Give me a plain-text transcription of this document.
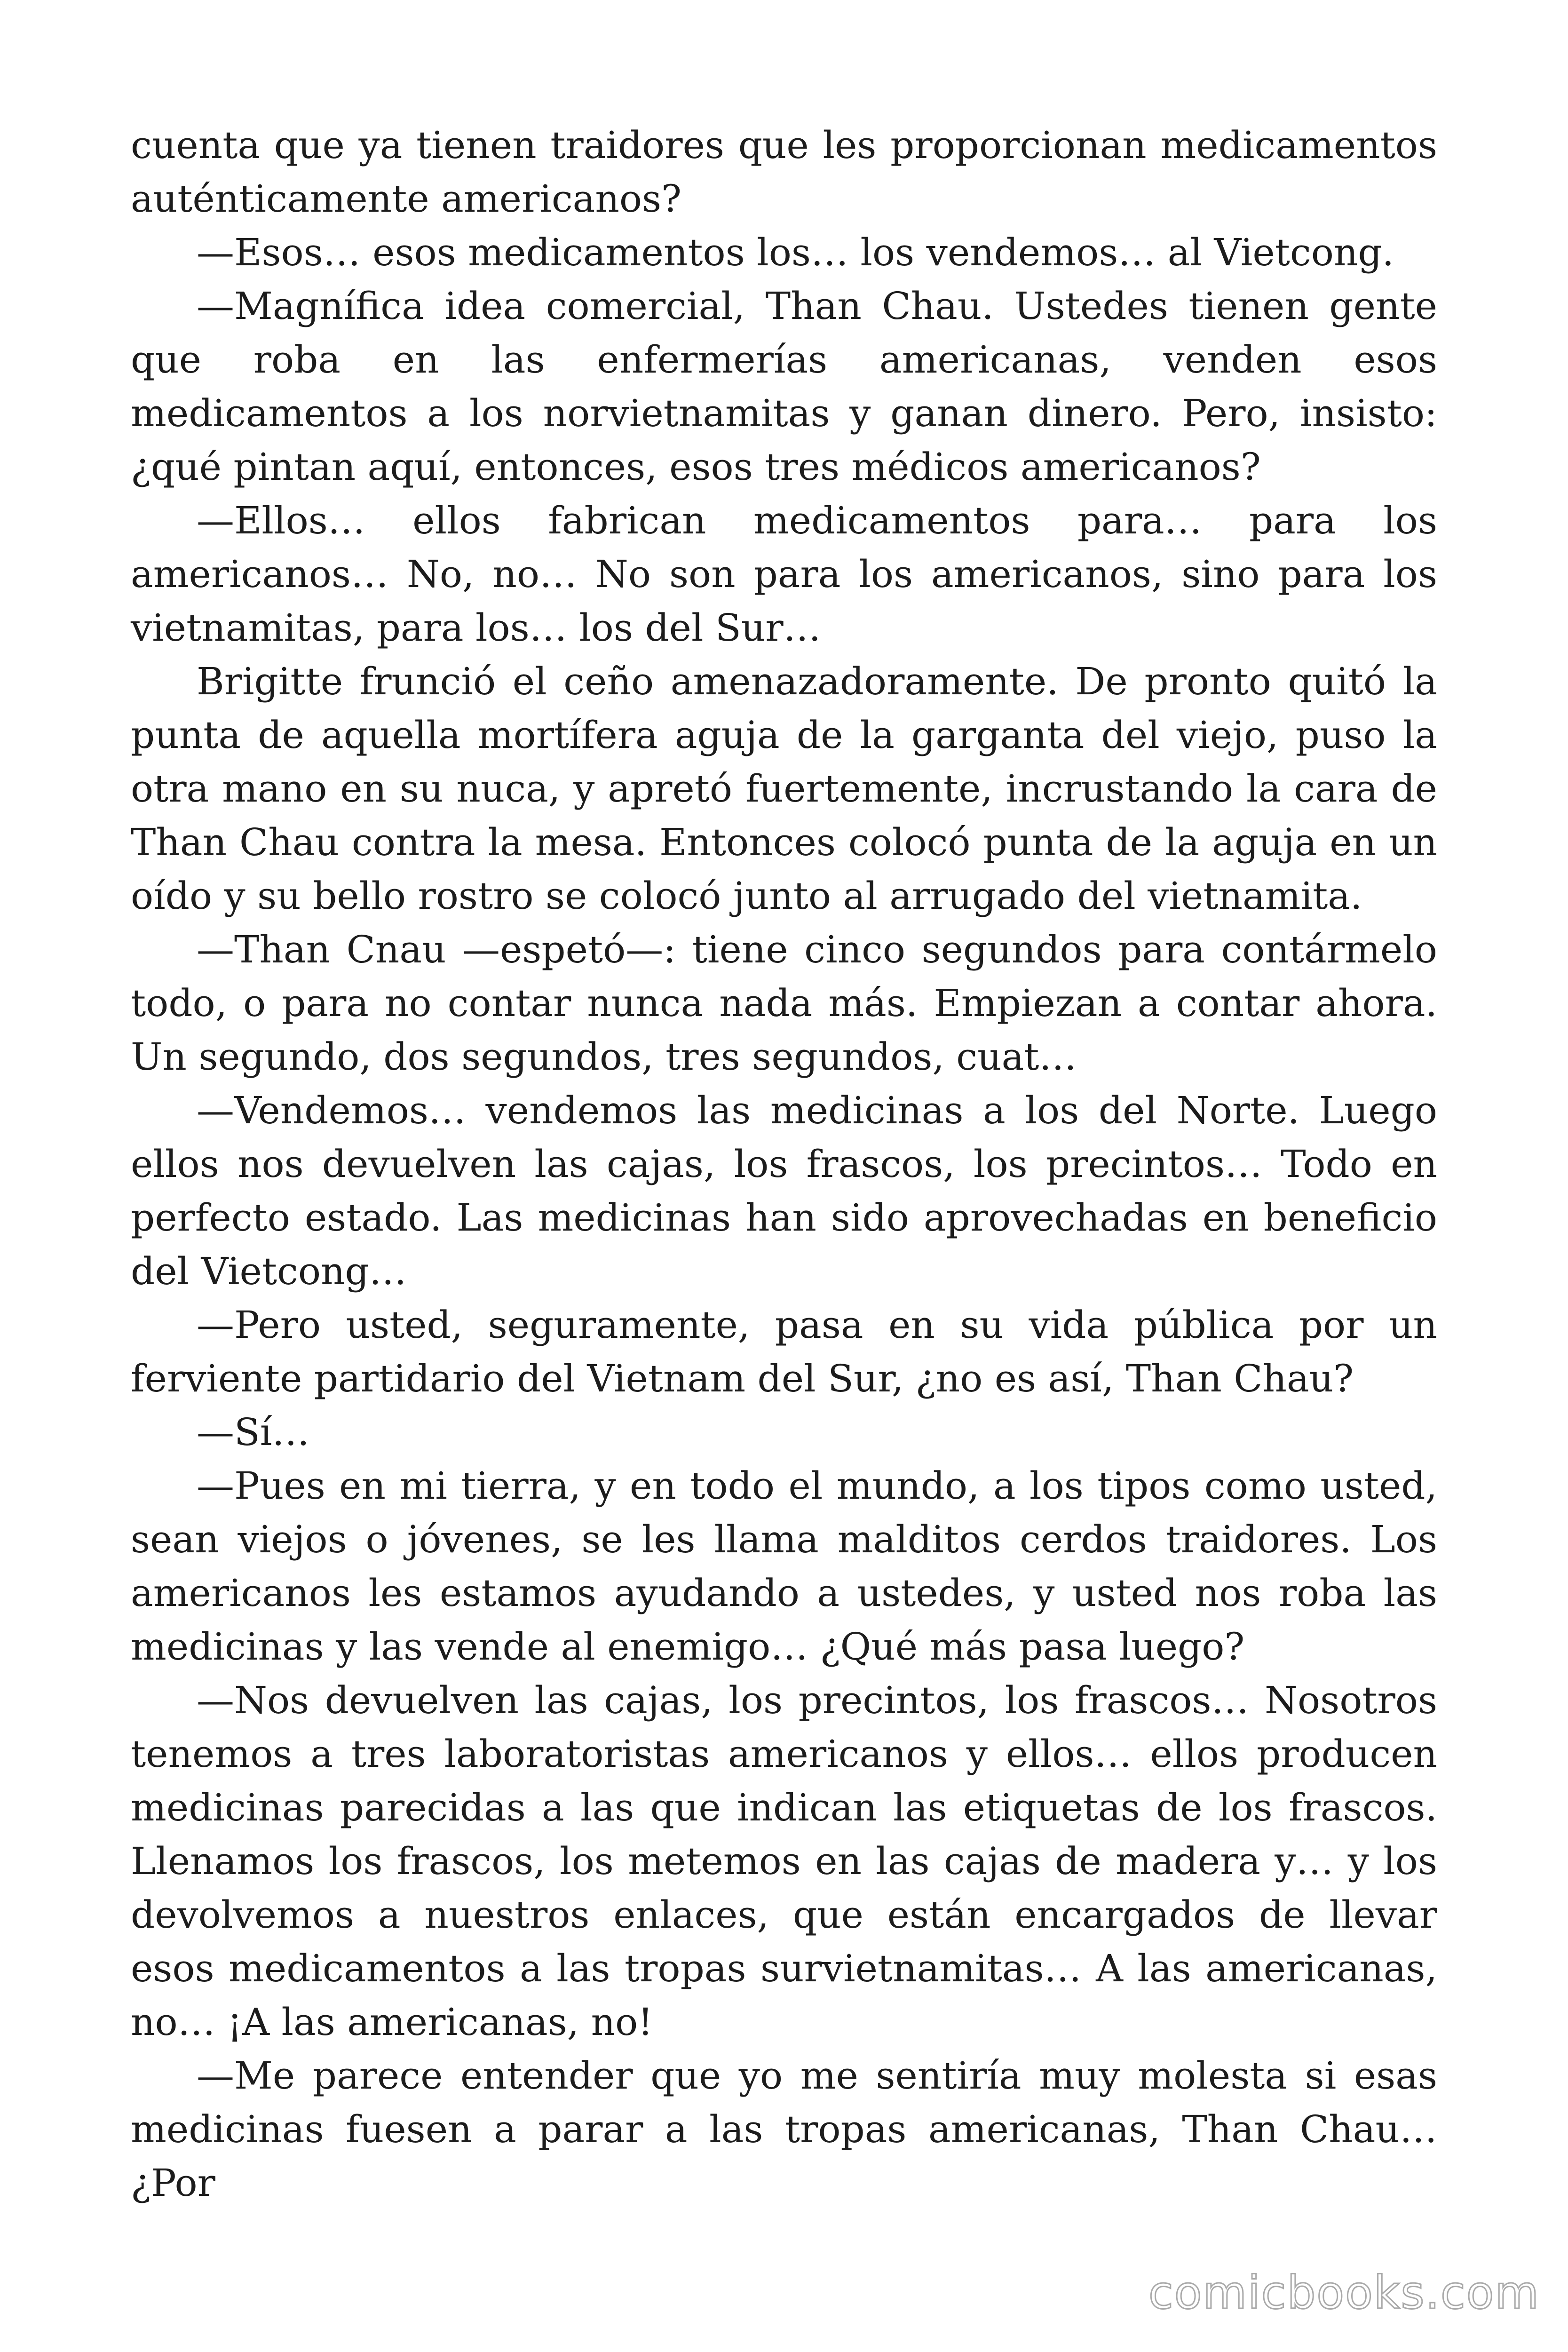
cuenta que ya tienen traidores que les proporcionan medicamentos auténticamente americanos?

—Esos… esos medicamentos los… los vendemos… al Vietcong.

—Magnífica idea comercial, Than Chau. Ustedes tienen gente que roba en las enfermerías americanas, venden esos medicamentos a los norvietnamitas y ganan dinero. Pero, insisto: ¿qué pintan aquí, entonces, esos tres médicos americanos?

—Ellos… ellos fabrican medicamentos para… para los americanos… No, no… No son para los americanos, sino para los vietnamitas, para los… los del Sur…

Brigitte frunció el ceño amenazadoramente. De pronto quitó la punta de aquella mortífera aguja de la garganta del viejo, puso la otra mano en su nuca, y apretó fuertemente, incrustando la cara de Than Chau contra la mesa. Entonces colocó punta de la aguja en un oído y su bello rostro se colocó junto al arrugado del vietnamita.

—Than Cnau —espetó—: tiene cinco segundos para contármelo todo, o para no contar nunca nada más. Empiezan a contar ahora. Un segundo, dos segundos, tres segundos, cuat…

—Vendemos… vendemos las medicinas a los del Norte. Luego ellos nos devuelven las cajas, los frascos, los precintos… Todo en perfecto estado. Las medicinas han sido aprovechadas en beneficio del Vietcong…

—Pero usted, seguramente, pasa en su vida pública por un ferviente partidario del Vietnam del Sur, ¿no es así, Than Chau?

—Sí…

—Pues en mi tierra, y en todo el mundo, a los tipos como usted, sean viejos o jóvenes, se les llama malditos cerdos traidores. Los americanos les estamos ayudando a ustedes, y usted nos roba las medicinas y las vende al enemigo… ¿Qué más pasa luego?

—Nos devuelven las cajas, los precintos, los frascos… Nosotros tenemos a tres laboratoristas americanos y ellos… ellos producen medicinas parecidas a las que indican las etiquetas de los frascos. Llenamos los frascos, los metemos en las cajas de madera y… y los devolvemos a nuestros enlaces, que están encargados de llevar esos medicamentos a las tropas survietnamitas… A las americanas, no… ¡A las americanas, no!

—Me parece entender que yo me sentiría muy molesta si esas medicinas fuesen a parar a las tropas americanas, Than Chau… ¿Por

comicbooks.com
